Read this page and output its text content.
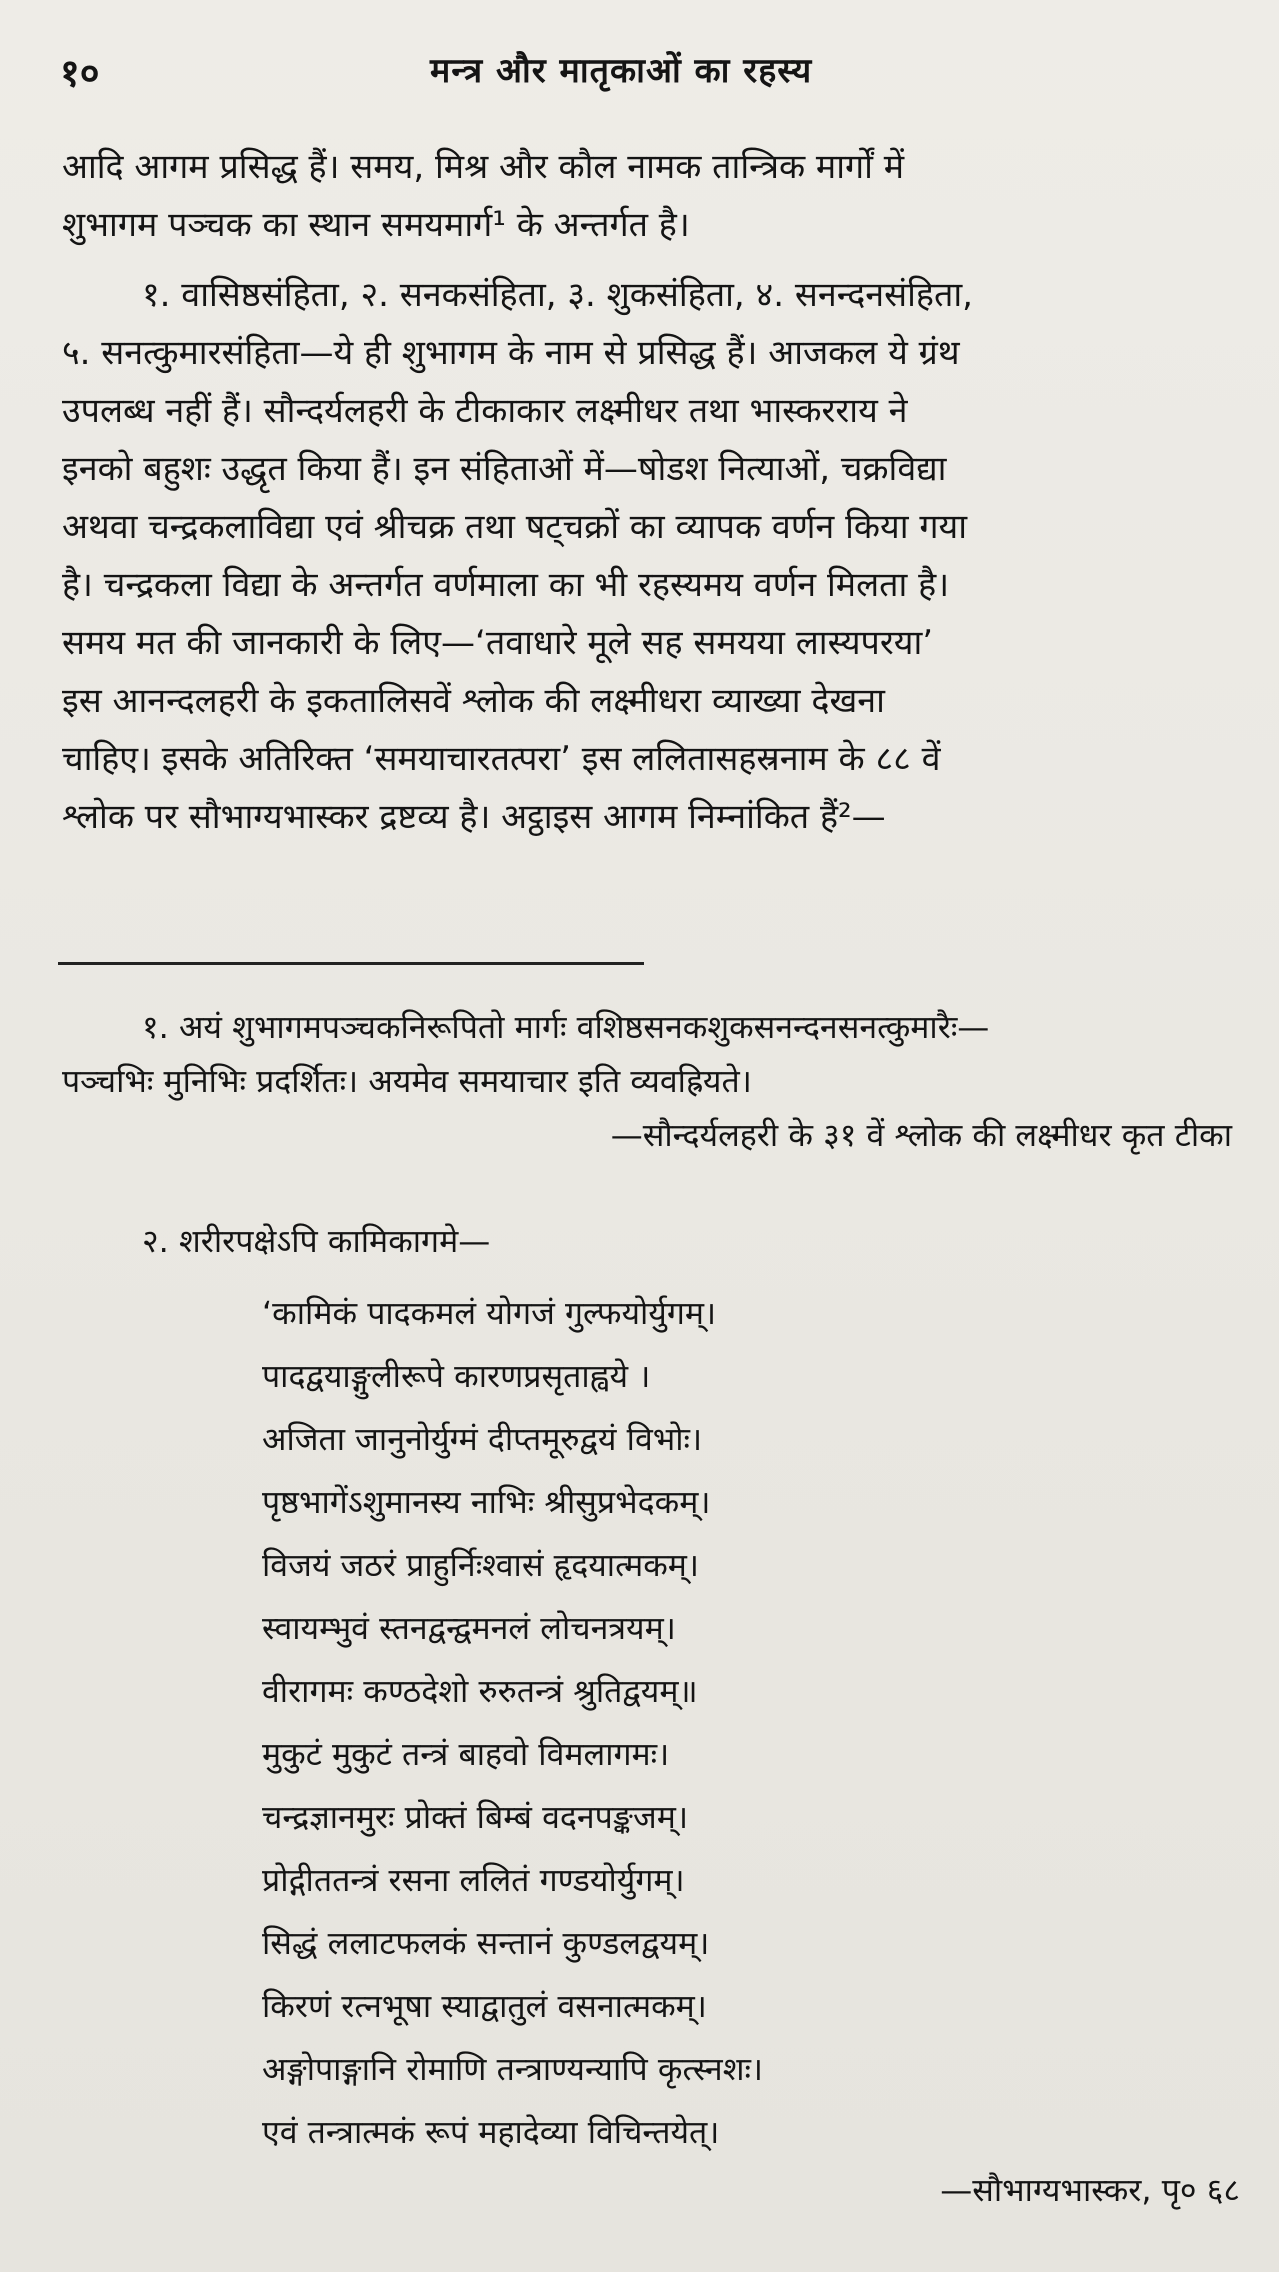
१०	मन्त्र और मातृकाओं का रहस्य

आदि आगम प्रसिद्ध हैं। समय, मिश्र और कौल नामक तान्त्रिक मार्गों में
शुभागम पञ्चक का स्थान समयमार्ग¹ के अन्तर्गत है।

१. वासिष्ठसंहिता, २. सनकसंहिता, ३. शुकसंहिता, ४. सनन्दनसंहिता,
५. सनत्कुमारसंहिता—ये ही शुभागम के नाम से प्रसिद्ध हैं। आजकल ये ग्रंथ
उपलब्ध नहीं हैं। सौन्दर्यलहरी के टीकाकार लक्ष्मीधर तथा भास्करराय ने
इनको बहुशः उद्धृत किया हैं। इन संहिताओं में—षोडश नित्याओं, चक्रविद्या
अथवा चन्द्रकलाविद्या एवं श्रीचक्र तथा षट्चक्रों का व्यापक वर्णन किया गया
है। चन्द्रकला विद्या के अन्तर्गत वर्णमाला का भी रहस्यमय वर्णन मिलता है।
समय मत की जानकारी के लिए—‘तवाधारे मूले सह समयया लास्यपरया’
इस आनन्दलहरी के इकतालिसवें श्लोक की लक्ष्मीधरा व्याख्या देखना
चाहिए। इसके अतिरिक्त ‘समयाचारतत्परा’ इस ललितासहस्रनाम के ८८ वें
श्लोक पर सौभाग्यभास्कर द्रष्टव्य है। अट्ठाइस आगम निम्नांकित हैं²—

१. अयं शुभागमपञ्चकनिरूपितो मार्गः वशिष्ठसनकशुकसनन्दनसनत्कुमारैः—
पञ्चभिः मुनिभिः प्रदर्शितः। अयमेव समयाचार इति व्यवह्रियते।
—सौन्दर्यलहरी के ३१ वें श्लोक की लक्ष्मीधर कृत टीका
२. शरीरपक्षेऽपि कामिकागमे—
‘कामिकं पादकमलं योगजं गुल्फयोर्युगम्।
पादद्वयाङ्गुलीरूपे कारणप्रसृताह्वये ।
अजिता जानुनोर्युग्मं दीप्तमूरुद्वयं विभोः।
पृष्ठभागेंऽशुमानस्य नाभिः श्रीसुप्रभेदकम्।
विजयं जठरं प्राहुर्निःश्वासं हृदयात्मकम्।
स्वायम्भुवं स्तनद्वन्द्वमनलं लोचनत्रयम्।
वीरागमः कण्ठदेशो रुरुतन्त्रं श्रुतिद्वयम्॥
मुकुटं मुकुटं तन्त्रं बाहवो विमलागमः।
चन्द्रज्ञानमुरः प्रोक्तं बिम्बं वदनपङ्कजम्।
प्रोद्गीततन्त्रं रसना ललितं गण्डयोर्युगम्।
सिद्धं ललाटफलकं सन्तानं कुण्डलद्वयम्।
किरणं रत्नभूषा स्याद्वातुलं वसनात्मकम्।
अङ्गोपाङ्गानि रोमाणि तन्त्राण्यन्यापि कृत्स्नशः।
एवं तन्त्रात्मकं रूपं महादेव्या विचिन्तयेत्।
—सौभाग्यभास्कर, पृ० ६८
